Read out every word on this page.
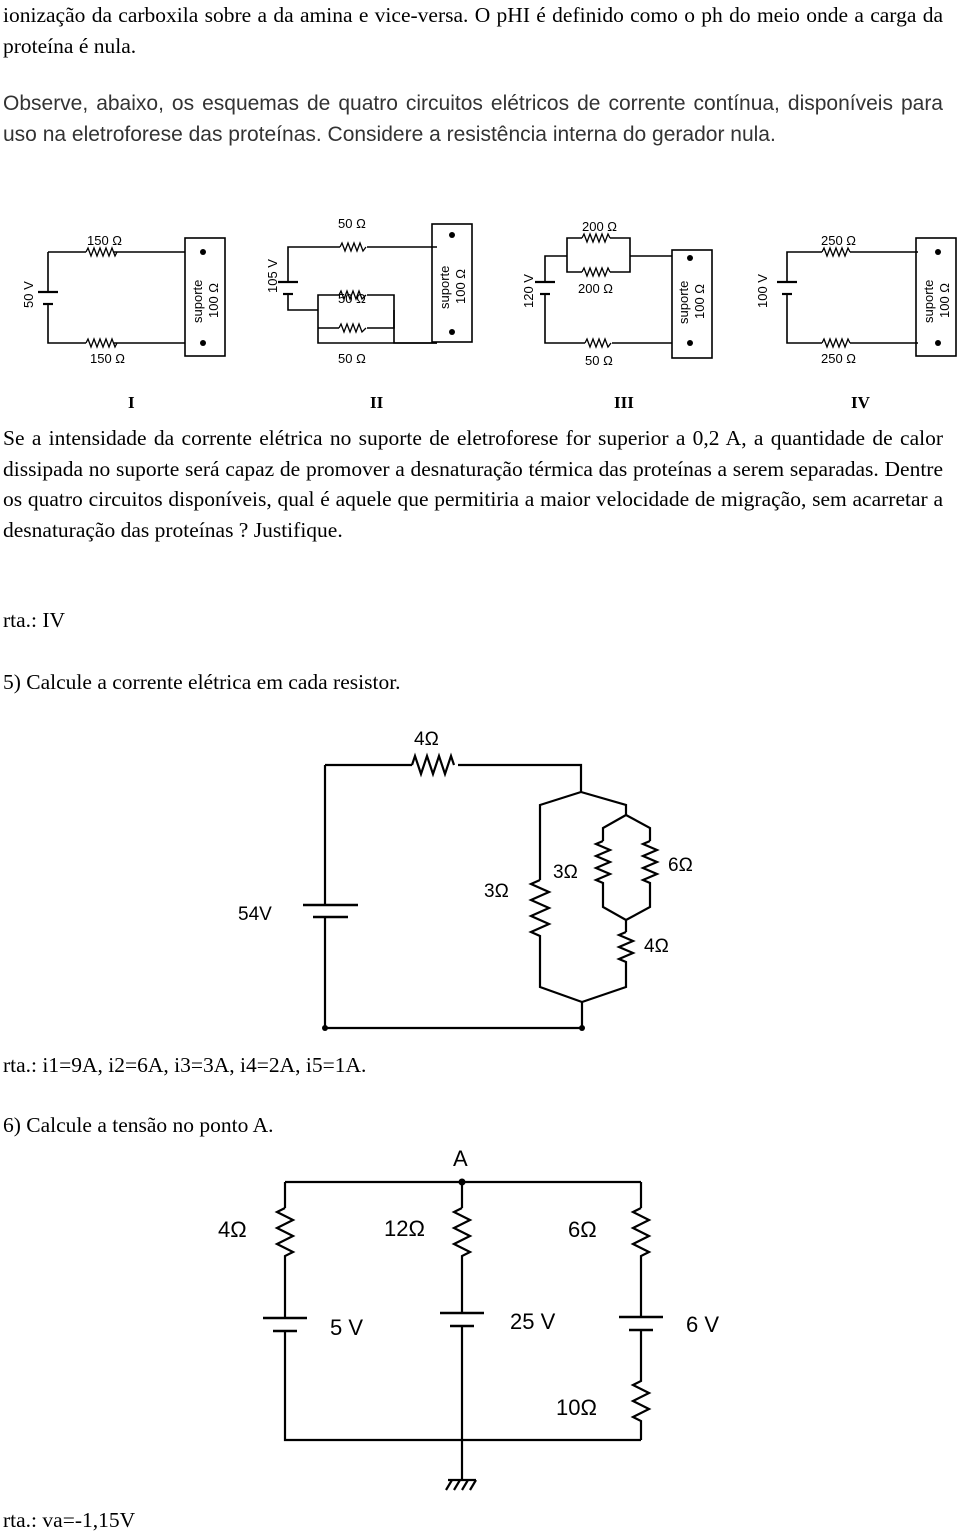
ionização da carboxila sobre a da amina e vice-versa. O pHI é definido como o ph do meio onde a carga da proteína é nula.

Observe, abaixo, os esquemas de quatro circuitos elétricos de corrente contínua, disponíveis para uso na eletroforese das proteínas. Considere a resistência interna do gerador nula.

50 V
150 Ω
150 Ω
suporte 100 Ω
I
105 V
50 Ω
50 Ω
50 Ω
suporte 100 Ω
II
120 V
200 Ω
200 Ω
50 Ω
suporte 100 Ω
III
100 V
250 Ω
250 Ω
suporte 100 Ω
IV

Se a intensidade da corrente elétrica no suporte de eletroforese for superior a 0,2 A, a quantidade de calor dissipada no suporte será capaz de promover a desnaturação térmica das proteínas a serem separadas. Dentre os quatro circuitos disponíveis, qual é aquele que permitiria a maior velocidade de migração, sem acarretar a desnaturação das proteínas ? Justifique.

rta.: IV

5) Calcule a corrente elétrica em cada resistor.

54V
4Ω
3Ω
3Ω	6Ω
4Ω

rta.: i1=9A, i2=6A, i3=3A, i4=2A, i5=1A.

6) Calcule a tensão no ponto A.

A
4Ω	12Ω	6Ω
5 V	25 V	6 V
10Ω

rta.: va=-1,15V
